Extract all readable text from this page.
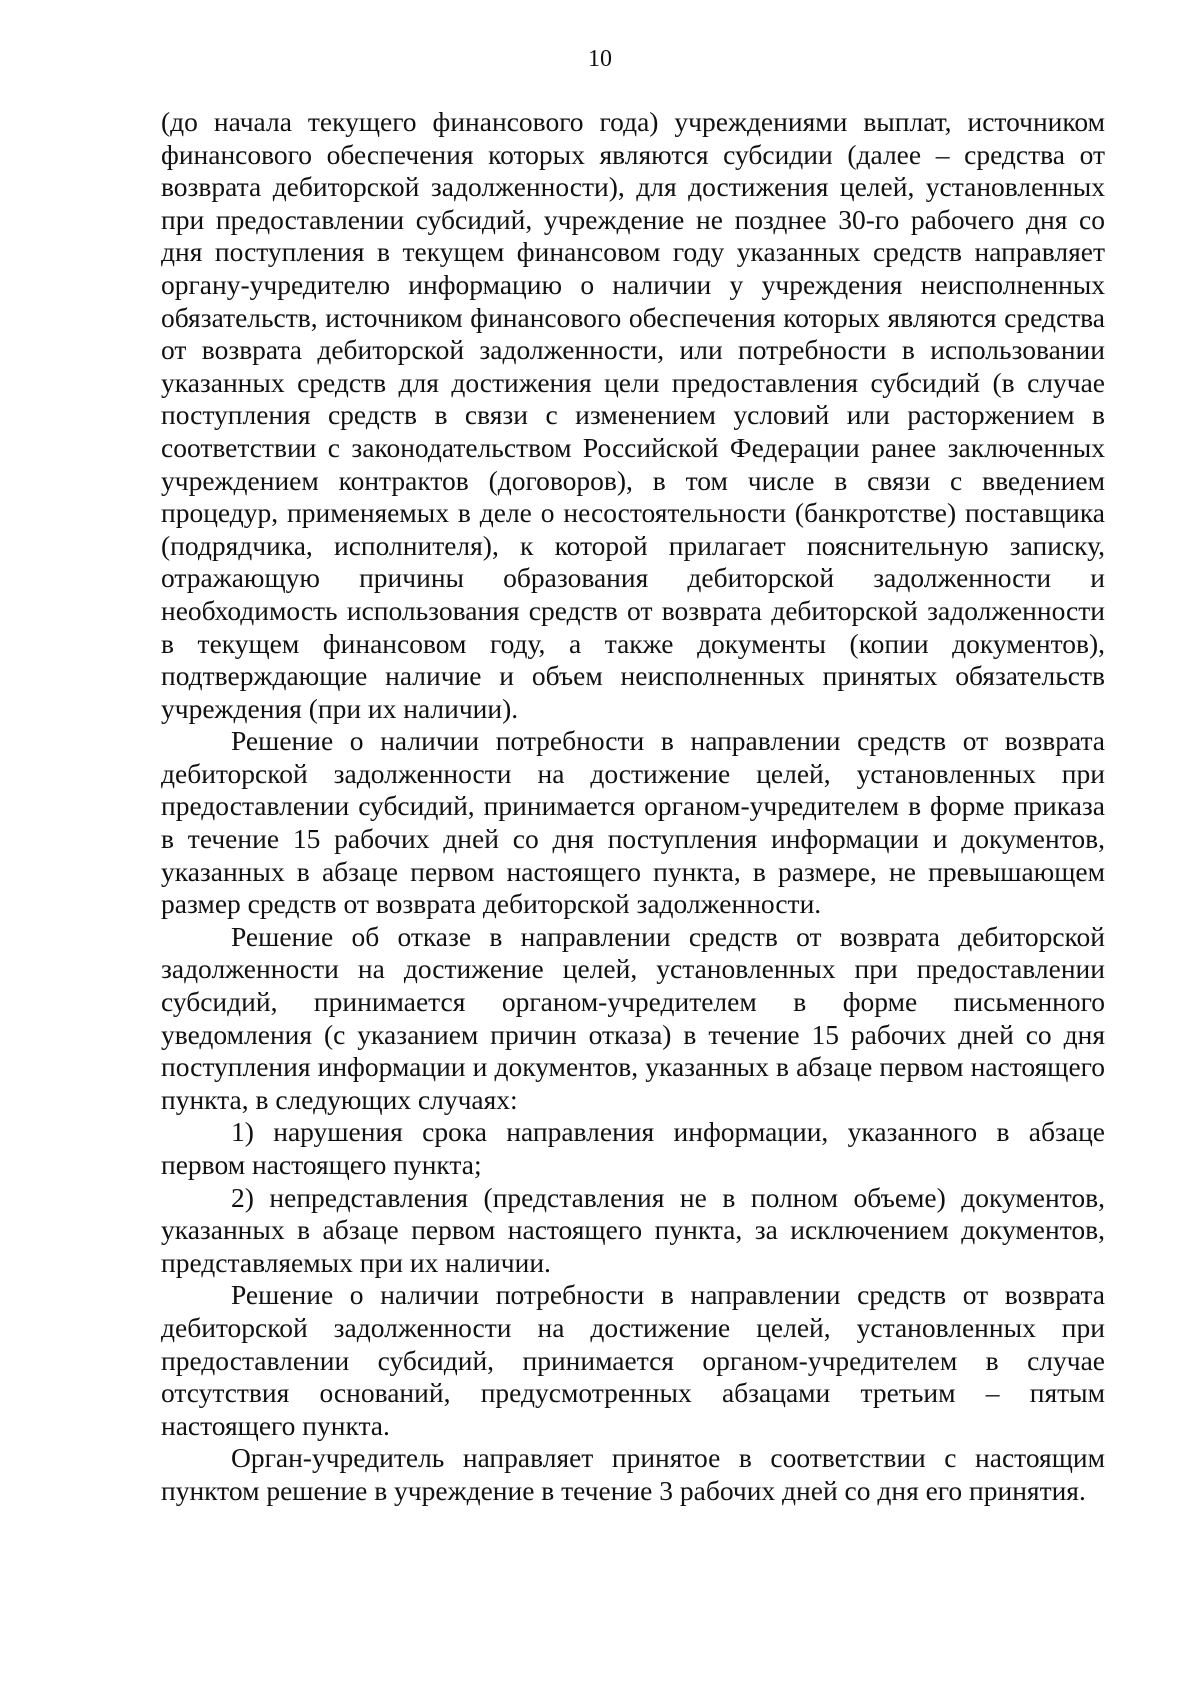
10

(до начала текущего финансового года) учреждениями выплат, источником финансового обеспечения которых являются субсидии (далее – средства от возврата дебиторской задолженности), для достижения целей, установленных при предоставлении субсидий, учреждение не позднее 30-го рабочего дня со дня поступления в текущем финансовом году указанных средств направляет органу-учредителю информацию о наличии у учреждения неисполненных обязательств, источником финансового обеспечения которых являются средства от возврата дебиторской задолженности, или потребности в использовании указанных средств для достижения цели предоставления субсидий (в случае поступления средств в связи с изменением условий или расторжением в соответствии с законодательством Российской Федерации ранее заключенных учреждением контрактов (договоров), в том числе в связи с введением процедур, применяемых в деле о несостоятельности (банкротстве) поставщика (подрядчика, исполнителя), к которой прилагает пояснительную записку, отражающую причины образования дебиторской задолженности и необходимость использования средств от возврата дебиторской задолженности в текущем финансовом году, а также документы (копии документов), подтверждающие наличие и объем неисполненных принятых обязательств учреждения (при их наличии).

Решение о наличии потребности в направлении средств от возврата дебиторской задолженности на достижение целей, установленных при предоставлении субсидий, принимается органом-учредителем в форме приказа в течение 15 рабочих дней со дня поступления информации и документов, указанных в абзаце первом настоящего пункта, в размере, не превышающем размер средств от возврата дебиторской задолженности.

Решение об отказе в направлении средств от возврата дебиторской задолженности на достижение целей, установленных при предоставлении субсидий, принимается органом-учредителем в форме письменного уведомления (с указанием причин отказа) в течение 15 рабочих дней со дня поступления информации и документов, указанных в абзаце первом настоящего пункта, в следующих случаях:

1) нарушения срока направления информации, указанного в абзаце первом настоящего пункта;

2) непредставления (представления не в полном объеме) документов, указанных в абзаце первом настоящего пункта, за исключением документов, представляемых при их наличии.

Решение о наличии потребности в направлении средств от возврата дебиторской задолженности на достижение целей, установленных при предоставлении субсидий, принимается органом-учредителем в случае отсутствия оснований, предусмотренных абзацами третьим – пятым настоящего пункта.

Орган-учредитель направляет принятое в соответствии с настоящим пунктом решение в учреждение в течение 3 рабочих дней со дня его принятия.
